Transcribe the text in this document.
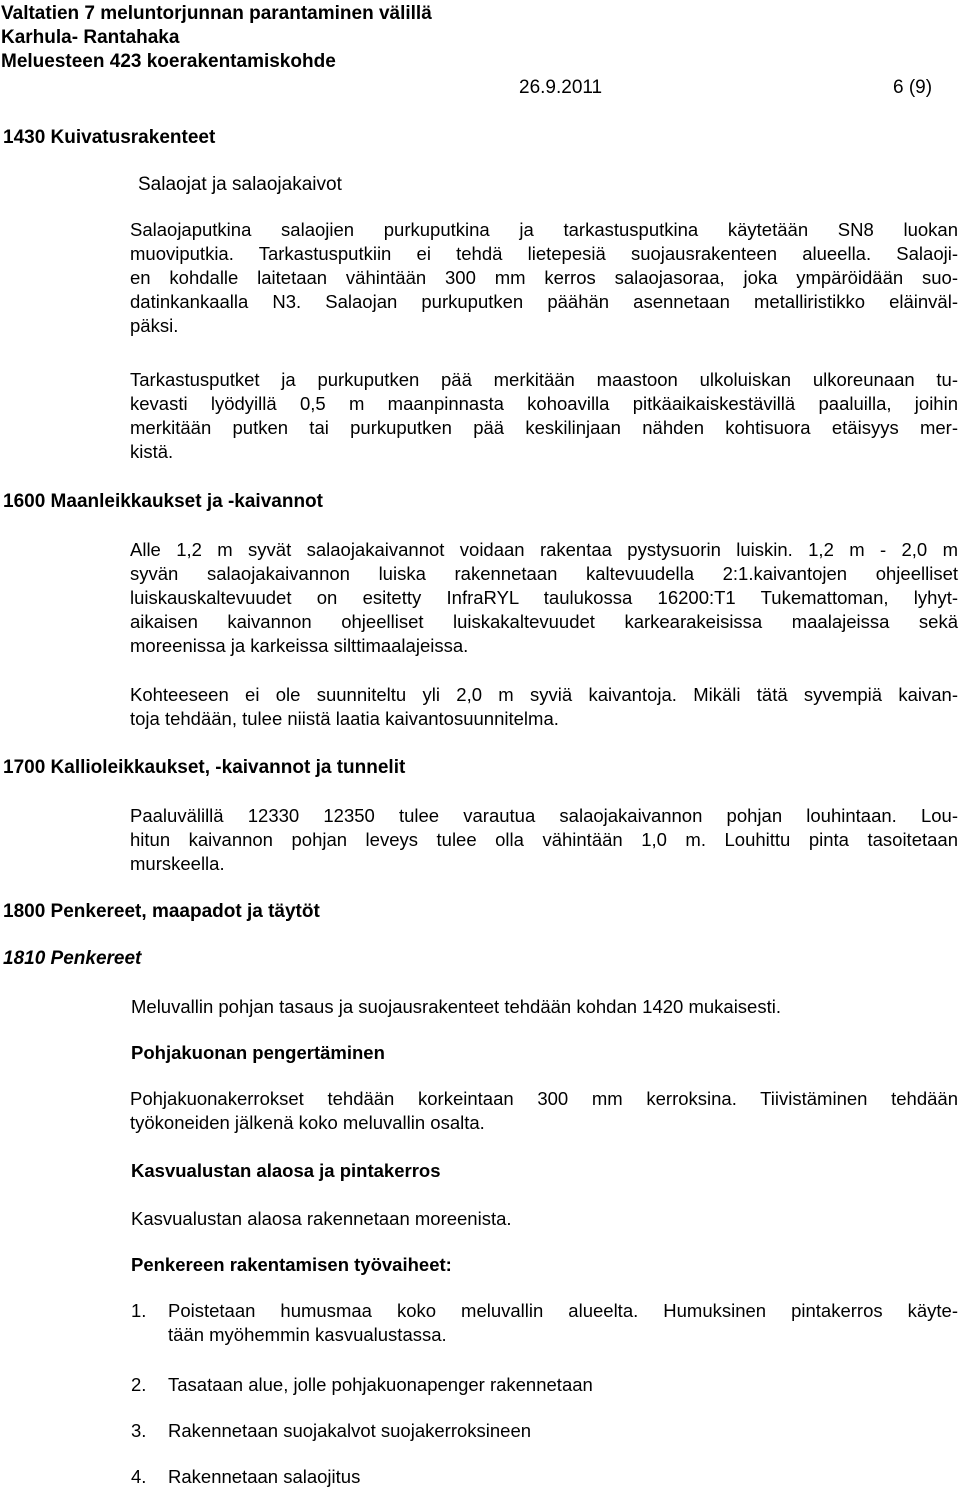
Valtatien 7 meluntorjunnan parantaminen välillä
Karhula- Rantahaka
Meluesteen 423 koerakentamiskohde
26.9.2011	6 (9)
1430 Kuivatusrakenteet
Salaojat ja salaojakaivot
Salaojaputkina salaojien purkuputkina ja tarkastusputkina käytetään SN8 luokan
muoviputkia. Tarkastusputkiin ei tehdä lietepesiä suojausrakenteen alueella. Salaoji-
en kohdalle laitetaan vähintään 300 mm kerros salaojasoraa, joka ympäröidään suo-
datinkankaalla N3. Salaojan purkuputken päähän asennetaan metalliristikko eläinväl-
päksi.
Tarkastusputket ja purkuputken pää merkitään maastoon ulkoluiskan ulkoreunaan tu-
kevasti lyödyillä 0,5 m maanpinnasta kohoavilla pitkäaikaiskestävillä paaluilla, joihin
merkitään putken tai purkuputken pää keskilinjaan nähden kohtisuora etäisyys mer-
kistä.
1600 Maanleikkaukset ja -kaivannot
Alle 1,2 m syvät salaojakaivannot voidaan rakentaa pystysuorin luiskin. 1,2 m - 2,0 m
syvän salaojakaivannon luiska rakennetaan kaltevuudella 2:1.kaivantojen ohjeelliset
luiskauskaltevuudet on esitetty InfraRYL taulukossa 16200:T1 Tukemattoman, lyhyt-
aikaisen kaivannon ohjeelliset luiskakaltevuudet karkearakeisissa maalajeissa sekä
moreenissa ja karkeissa silttimaalajeissa.
Kohteeseen ei ole suunniteltu yli 2,0 m syviä kaivantoja. Mikäli tätä syvempiä kaivan-
toja tehdään, tulee niistä laatia kaivantosuunnitelma.
1700 Kallioleikkaukset, -kaivannot ja tunnelit
Paaluvälillä 12330 12350 tulee varautua salaojakaivannon pohjan louhintaan. Lou-
hitun kaivannon pohjan leveys tulee olla vähintään 1,0 m. Louhittu pinta tasoitetaan
murskeella.
1800 Penkereet, maapadot ja täytöt
1810 Penkereet
Meluvallin pohjan tasaus ja suojausrakenteet tehdään kohdan 1420 mukaisesti.
Pohjakuonan pengertäminen
Pohjakuonakerrokset tehdään korkeintaan 300 mm kerroksina. Tiivistäminen tehdään
työkoneiden jälkenä koko meluvallin osalta.
Kasvualustan alaosa ja pintakerros
Kasvualustan alaosa rakennetaan moreenista.
Penkereen rakentamisen työvaiheet:
1. Poistetaan humusmaa koko meluvallin alueelta. Humuksinen pintakerros käyte-
tään myöhemmin kasvualustassa.
2. Tasataan alue, jolle pohjakuonapenger rakennetaan
3. Rakennetaan suojakalvot suojakerroksineen
4. Rakennetaan salaojitus
